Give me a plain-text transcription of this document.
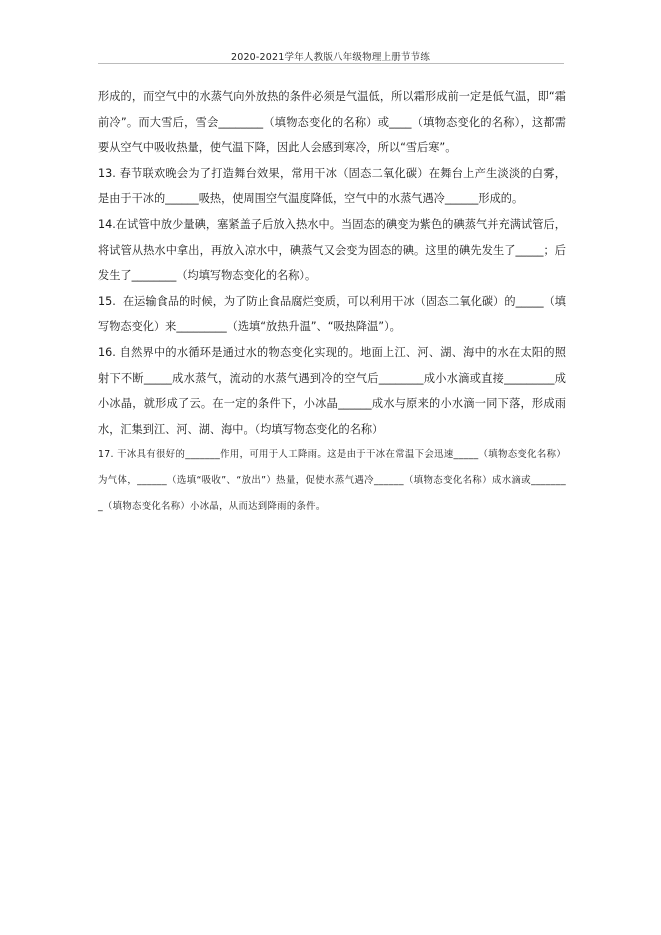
2020-2021学年人教版八年级物理上册节节练

形成的，而空气中的水蒸气向外放热的条件必须是气温低，所以霜形成前一定是低气温，即“霜前冷”。而大雪后，雪会________（填物态变化的名称）或____（填物态变化的名称），这都需要从空气中吸收热量，使气温下降，因此人会感到寒冷，所以“雪后寒”。

13. 春节联欢晚会为了打造舞台效果，常用干冰（固态二氧化碳）在舞台上产生淡淡的白雾，是由于干冰的______吸热，使周围空气温度降低，空气中的水蒸气遇冷______形成的。

14.在试管中放少量碘，塞紧盖子后放入热水中。当固态的碘变为紫色的碘蒸气并充满试管后，将试管从热水中拿出，再放入凉水中，碘蒸气又会变为固态的碘。这里的碘先发生了_____；后发生了________（均填写物态变化的名称）。

15.  在运输食品的时候，为了防止食品腐烂变质，可以利用干冰（固态二氧化碳）的_____（填写物态变化）来_________（选填“放热升温”、“吸热降温”）。

16. 自然界中的水循环是通过水的物态变化实现的。地面上江、河、湖、海中的水在太阳的照射下不断_____成水蒸气，流动的水蒸气遇到冷的空气后________成小水滴或直接_________成小冰晶，就形成了云。在一定的条件下，小冰晶______成水与原来的小水滴一同下落，形成雨水，汇集到江、河、湖、海中。（均填写物态变化的名称）

17. 干冰具有很好的_______作用，可用于人工降雨。这是由于干冰在常温下会迅速_____（填物态变化名称）为气体，______（选填“吸收”、“放出”）热量，促使水蒸气遇冷______（填物态变化名称）成水滴或________（填物态变化名称）小冰晶，从而达到降雨的条件。
